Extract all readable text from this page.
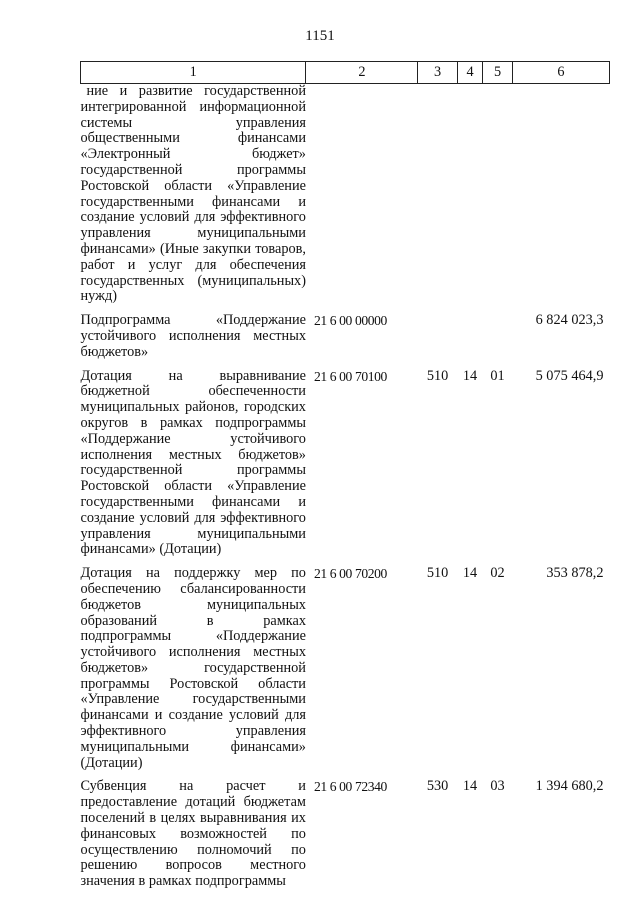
1151
1	2	3	4	5	6
ние и развитие государственной интегрированной информационной системы управления общественными финансами «Электронный бюджет» государственной программы Ростовской области «Управление государственными финансами и создание условий для эффективного управления муниципальными финансами» (Иные закупки товаров, работ и услуг для обеспечения государственных (муниципальных) нужд)					

Подпрограмма «Поддержание устойчивого исполнения местных бюджетов»	21 6 00 00000				6 824 023,3

Дотация на выравнивание бюджетной обеспеченности муниципальных районов, городских округов в рамках подпрограммы «Поддержание устойчивого исполнения местных бюджетов» государственной программы Ростовской области «Управление государственными финансами и создание условий для эффективного управления муниципальными финансами» (Дотации)	21 6 00 70100	510	14	01	5 075 464,9

Дотация на поддержку мер по обеспечению сбалансированности бюджетов муниципальных образований в рамках подпрограммы «Поддержание устойчивого исполнения местных бюджетов» государственной программы Ростовской области «Управление государственными финансами и создание условий для эффективного управления муниципальными финансами» (Дотации)	21 6 00 70200	510	14	02	353 878,2

Субвенция на расчет и предоставление дотаций бюджетам поселений в целях выравнивания их финансовых возможностей по осуществлению полномочий по решению вопросов местного значения в рамках подпрограммы	21 6 00 72340	530	14	03	1 394 680,2
